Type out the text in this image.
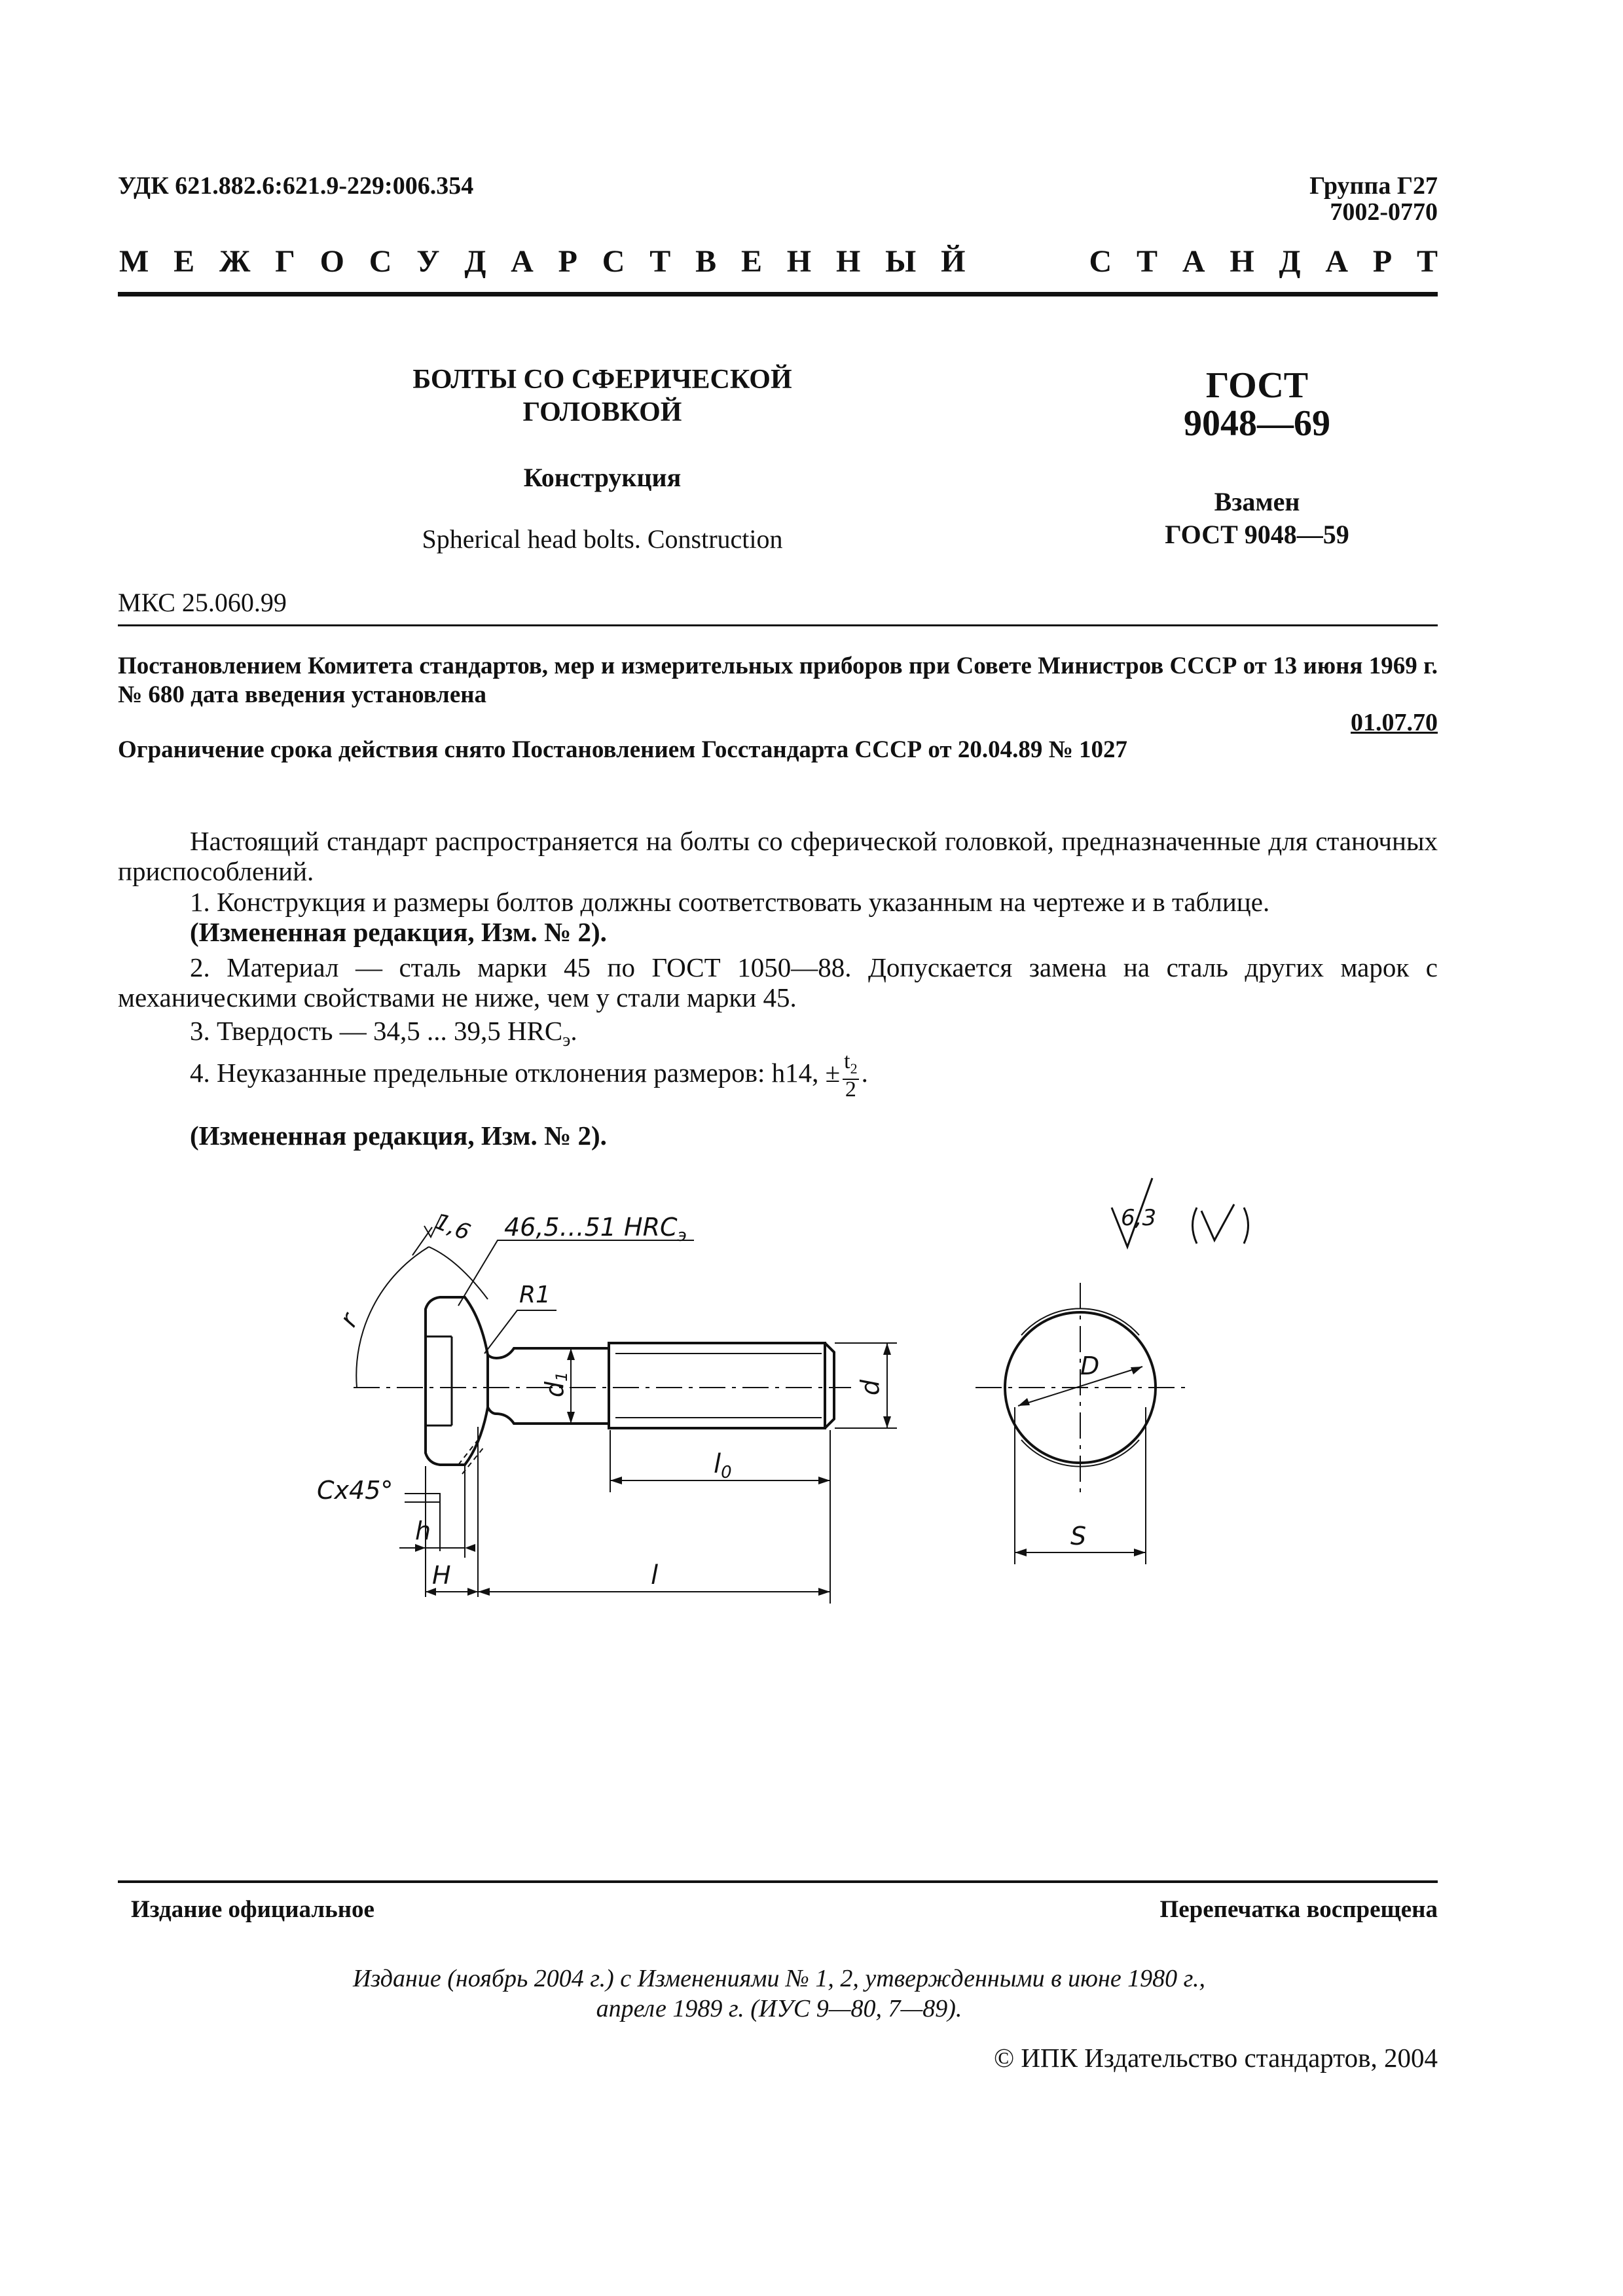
УДК 621.882.6:621.9-229:006.354	Группа Г27
7002-0770
М Е Ж Г О С У Д А Р С Т В Е Н Н Ы Й     С Т А Н Д А Р Т
БОЛТЫ СО СФЕРИЧЕСКОЙ
ГОЛОВКОЙ
Конструкция
Spherical head bolts. Construction
ГОСТ
9048—69
Взамен
ГОСТ 9048—59
МКС 25.060.99
Постановлением Комитета стандартов, мер и измерительных приборов при Совете Министров СССР от 13 июня 1969 г. № 680 дата введения установлена
01.07.70
Ограничение срока действия снято Постановлением Госстандарта СССР от 20.04.89 № 1027
Настоящий стандарт распространяется на болты со сферической головкой, предназначенные для станочных приспособлений.
1. Конструкция и размеры болтов должны соответствовать указанным на чертеже и в таблице.
(Измененная редакция, Изм. № 2).
2. Материал — сталь марки 45 по ГОСТ 1050—88. Допускается замена на сталь других марок с механическими свойствами не ниже, чем у стали марки 45.
3. Твердость — 34,5 ... 39,5 $HRC_э$.
4. Неуказанные предельные отклонения размеров: h14, ± $\frac{t_2}{2}$ .
(Измененная редакция, Изм. № 2).
1,6 46,5…51 $HRC_э$
R1
r
d1
d
$l_0$
Cx45°
h
H	l
D
S
6,3
Издание официальное	Перепечатка воспрещена
Издание (ноябрь 2004 г.) с Изменениями № 1, 2, утвержденными в июне 1980 г.,
апреле 1989 г. (ИУС 9—80, 7—89).
© ИПК Издательство стандартов, 2004
